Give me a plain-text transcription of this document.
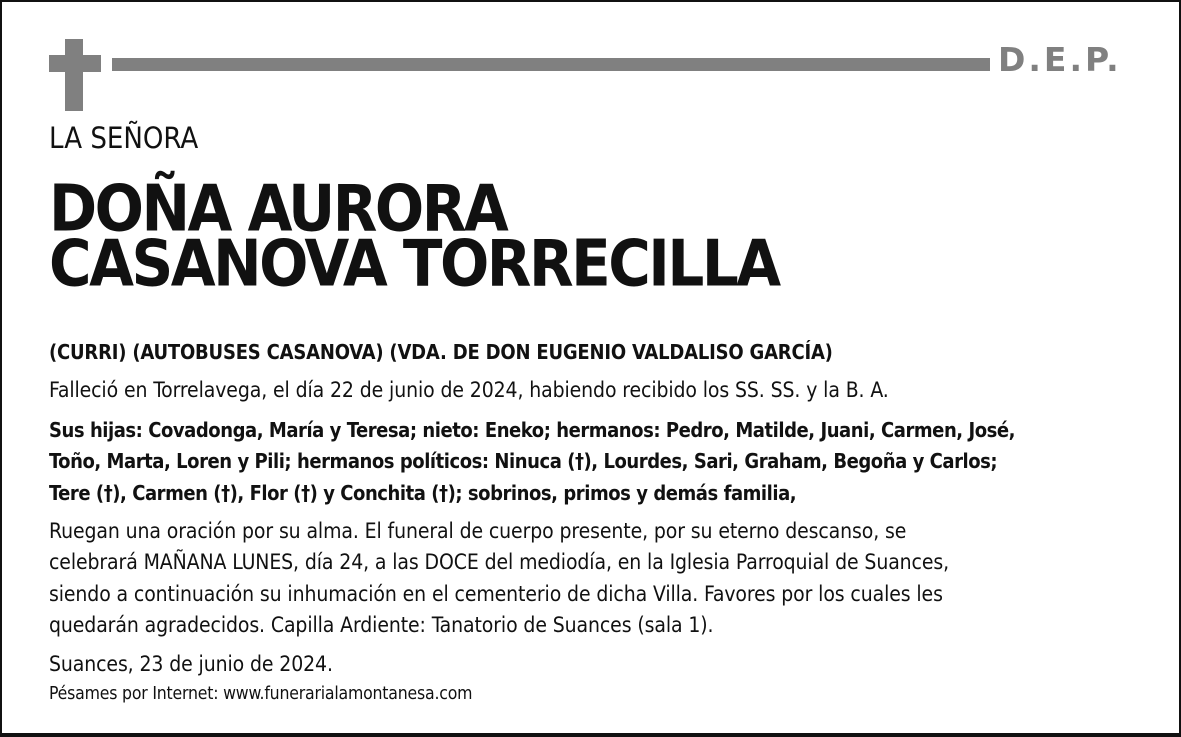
D.E.P.
LA SEÑORA
DOÑA AURORA
CASANOVA TORRECILLA
(CURRI) (AUTOBUSES CASANOVA) (VDA. DE DON EUGENIO VALDALISO GARCÍA)
Falleció en Torrelavega, el día 22 de junio de 2024, habiendo recibido los SS. SS. y la B. A.
Sus hijas: Covadonga, María y Teresa; nieto: Eneko; hermanos: Pedro, Matilde, Juani, Carmen, José,
Toño, Marta, Loren y Pili; hermanos políticos: Ninuca (†), Lourdes, Sari, Graham, Begoña y Carlos;
Tere (†), Carmen (†), Flor (†) y Conchita (†); sobrinos, primos y demás familia,
Ruegan una oración por su alma. El funeral de cuerpo presente, por su eterno descanso, se
celebrará MAÑANA LUNES, día 24, a las DOCE del mediodía, en la Iglesia Parroquial de Suances,
siendo a continuación su inhumación en el cementerio de dicha Villa. Favores por los cuales les
quedarán agradecidos. Capilla Ardiente: Tanatorio de Suances (sala 1).
Suances, 23 de junio de 2024.
Pésames por Internet: www.funerarialamontanesa.com
